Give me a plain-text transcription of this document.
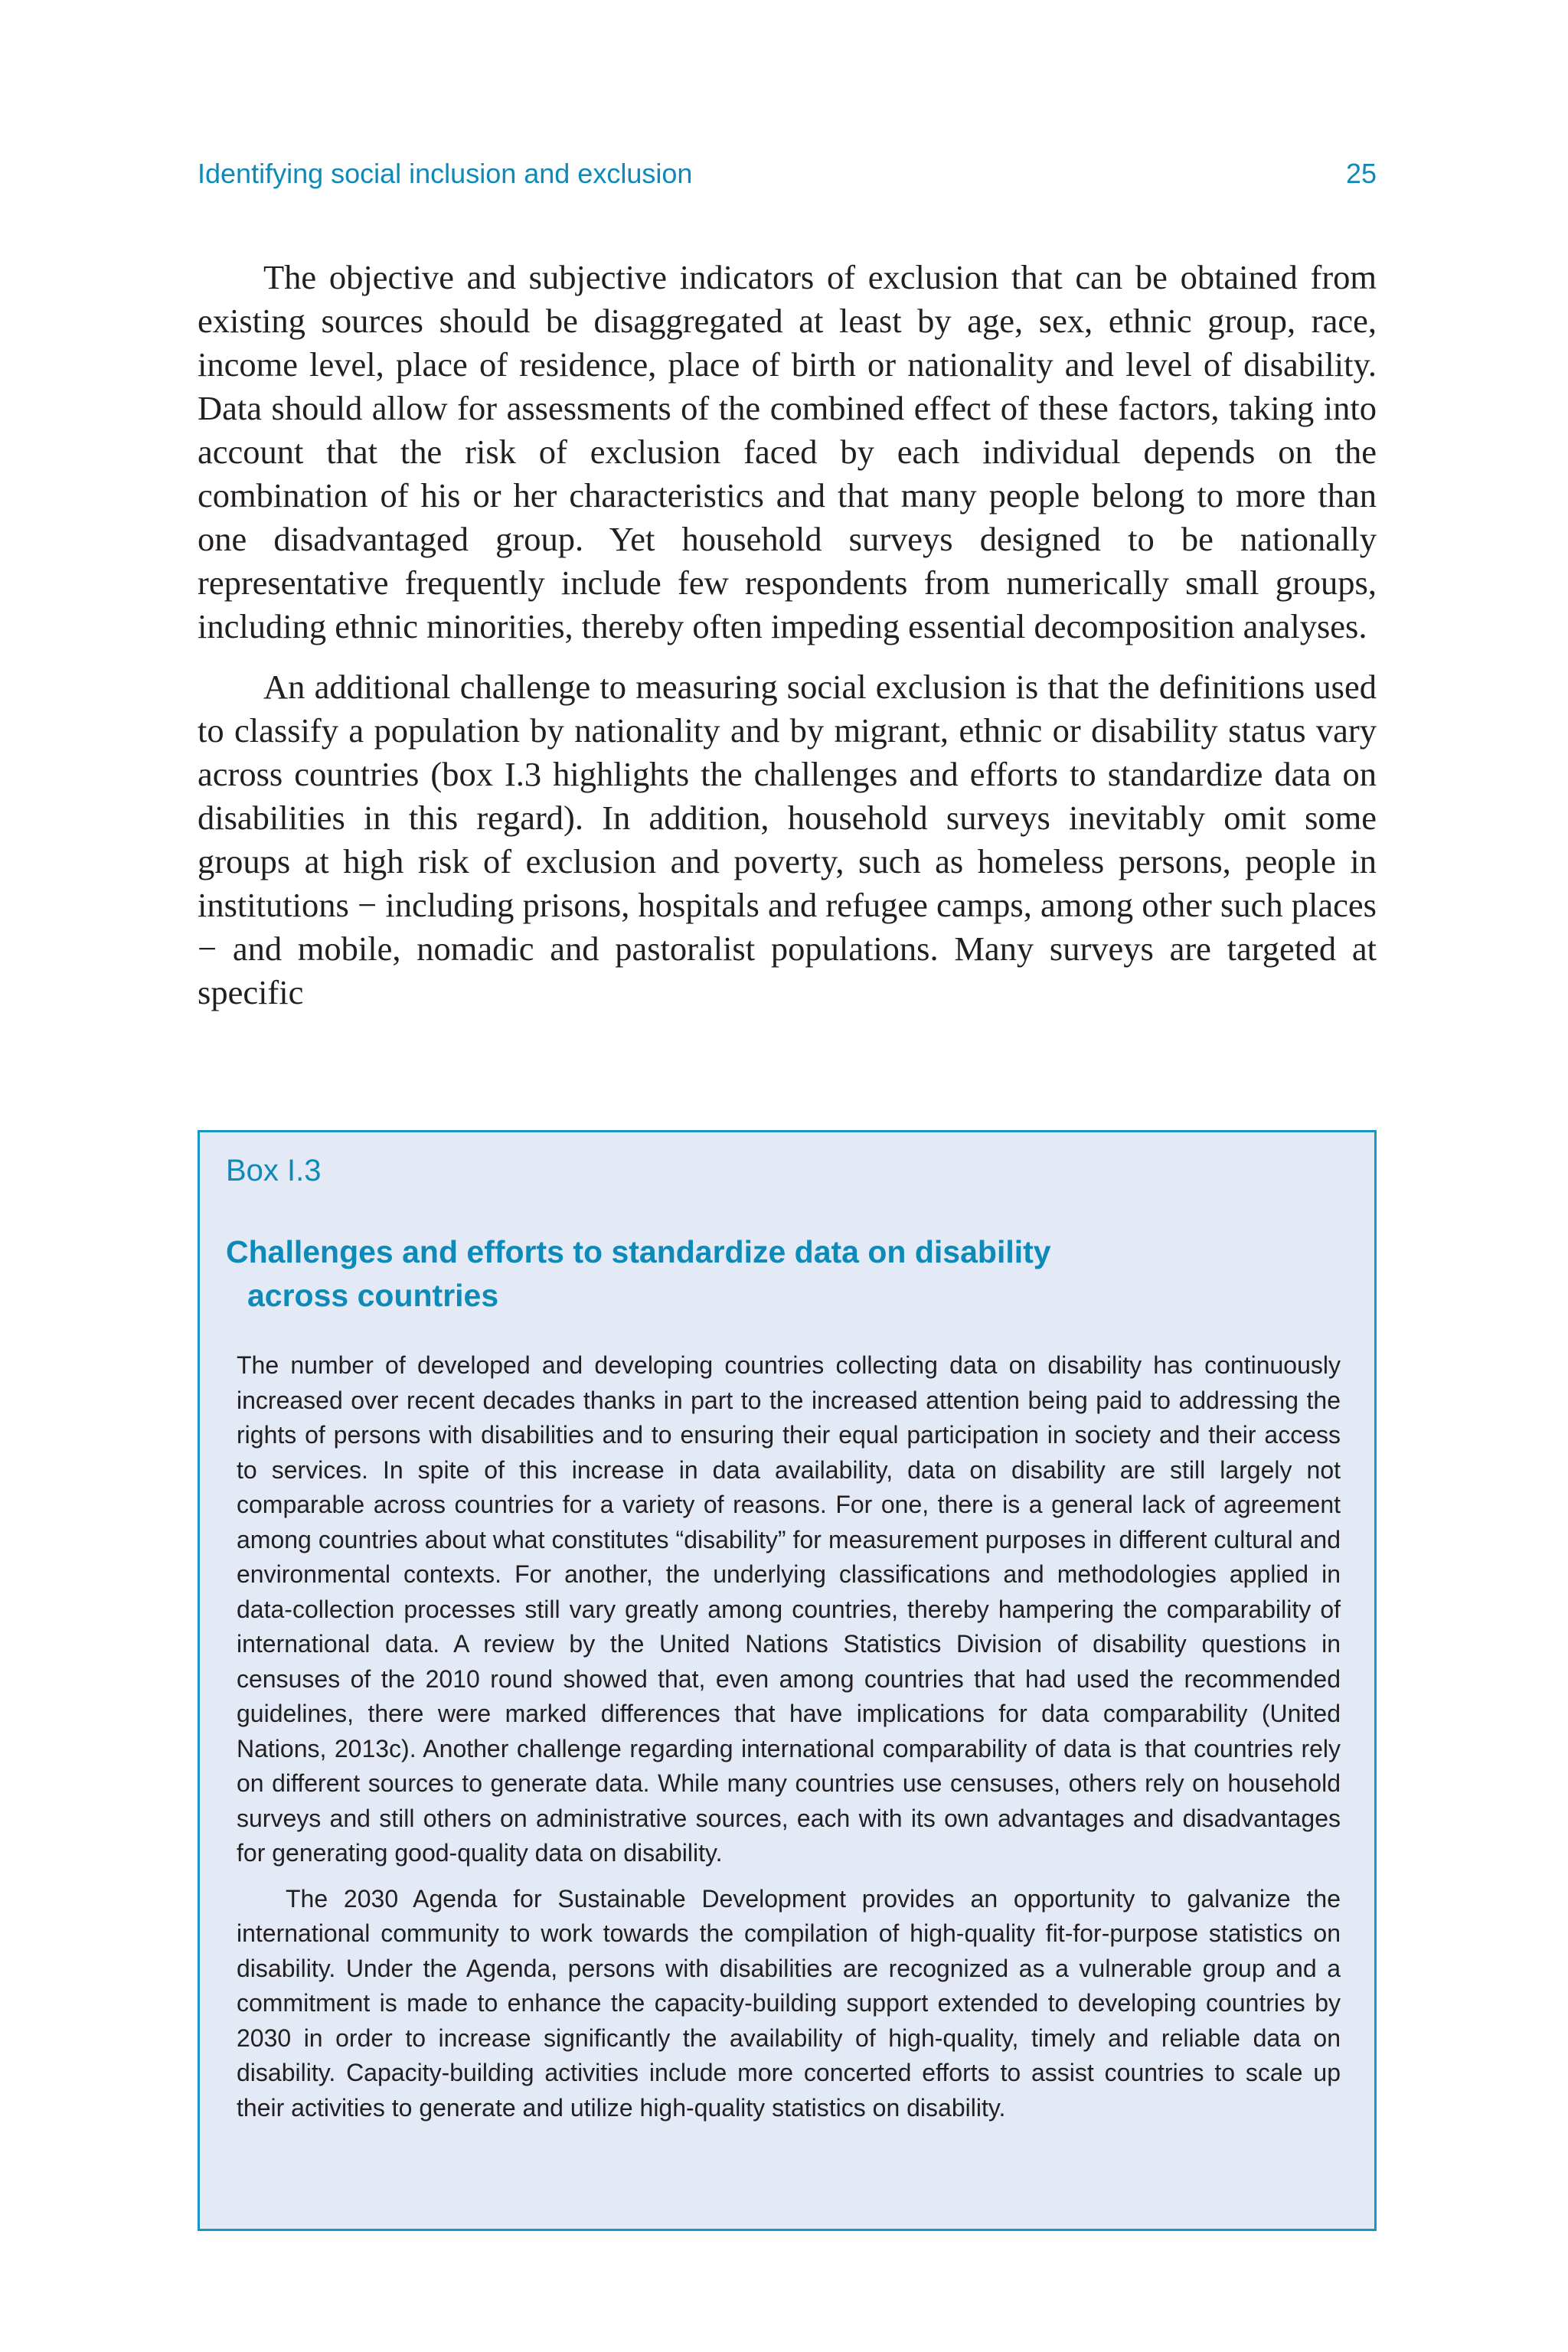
Identifying social inclusion and exclusion	25

The objective and subjective indicators of exclusion that can be obtained from existing sources should be disaggregated at least by age, sex, ethnic group, race, income level, place of residence, place of birth or nationality and level of disability. Data should allow for assessments of the combined effect of these factors, taking into account that the risk of exclusion faced by each individual depends on the combination of his or her characteristics and that many people belong to more than one disadvantaged group. Yet household surveys designed to be nationally representative frequently include few respondents from numerically small groups, including ethnic minorities, thereby often impeding essential decomposition analyses.

An additional challenge to measuring social exclusion is that the definitions used to classify a population by nationality and by migrant, ethnic or disability status vary across countries (box I.3 highlights the challenges and efforts to standardize data on disabilities in this regard). In addition, household surveys inevitably omit some groups at high risk of exclusion and poverty, such as homeless persons, people in institutions − including prisons, hospitals and refugee camps, among other such places − and mobile, nomadic and pastoralist populations. Many surveys are targeted at specific

Box I.3
Challenges and efforts to standardize data on disability
across countries

The number of developed and developing countries collecting data on disability has continuously increased over recent decades thanks in part to the increased attention being paid to addressing the rights of persons with disabilities and to ensuring their equal participation in society and their access to services. In spite of this increase in data availability, data on disability are still largely not comparable across countries for a variety of reasons. For one, there is a general lack of agreement among countries about what constitutes “disability” for measurement purposes in different cultural and environmental contexts. For another, the underlying classifications and methodologies applied in data-collection processes still vary greatly among countries, thereby hampering the comparability of international data. A review by the United Nations Statistics Division of disability questions in censuses of the 2010 round showed that, even among countries that had used the recommended guidelines, there were marked differences that have implications for data comparability (United Nations, 2013c). Another challenge regarding international comparability of data is that countries rely on different sources to generate data. While many countries use censuses, others rely on household surveys and still others on administrative sources, each with its own advantages and disadvantages for generating good-quality data on disability.

The 2030 Agenda for Sustainable Development provides an opportunity to galvanize the international community to work towards the compilation of high-quality fit-for-purpose statistics on disability. Under the Agenda, persons with disabilities are recognized as a vulnerable group and a commitment is made to enhance the capacity-building support extended to developing countries by 2030 in order to increase significantly the availability of high-quality, timely and reliable data on disability. Capacity-building activities include more concerted efforts to assist countries to scale up their activities to generate and utilize high-quality statistics on disability.
